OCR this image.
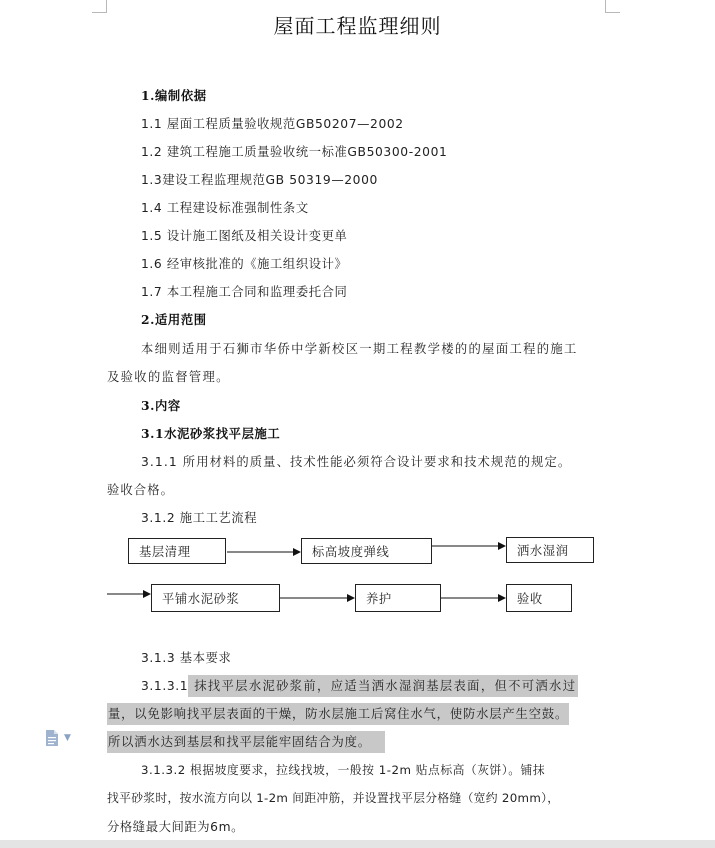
屋面工程监理细则
1.编制依据
1.1 屋面工程质量验收规范GB50207—2002
1.2 建筑工程施工质量验收统一标准GB50300-2001
1.3建设工程监理规范GB 50319—2000
1.4 工程建设标准强制性条文
1.5 设计施工图纸及相关设计变更单
1.6 经审核批准的《施工组织设计》
1.7 本工程施工合同和监理委托合同
2.适用范围
本细则适用于石狮市华侨中学新校区一期工程教学楼的的屋面工程的施工
及验收的监督管理。
3.内容
3.1水泥砂浆找平层施工
3.1.1 所用材料的质量、技术性能必须符合设计要求和技术规范的规定。
验收合格。
3.1.2 施工工艺流程
基层清理	标高坡度弹线	洒水湿润
平铺水泥砂浆	养护	验收
3.1.3 基本要求
3.1.3.1 抹找平层水泥砂浆前，应适当洒水湿润基层表面，但不可洒水过
量，以免影响找平层表面的干燥，防水层施工后窝住水气，使防水层产生空鼓。
所以洒水达到基层和找平层能牢固结合为度。
3.1.3.2 根据坡度要求，拉线找坡，一般按 1-2m 贴点标高（灰饼）。铺抹
找平砂浆时，按水流方向以 1-2m 间距冲筋，并设置找平层分格缝（宽约 20mm），
分格缝最大间距为6m。
▼
